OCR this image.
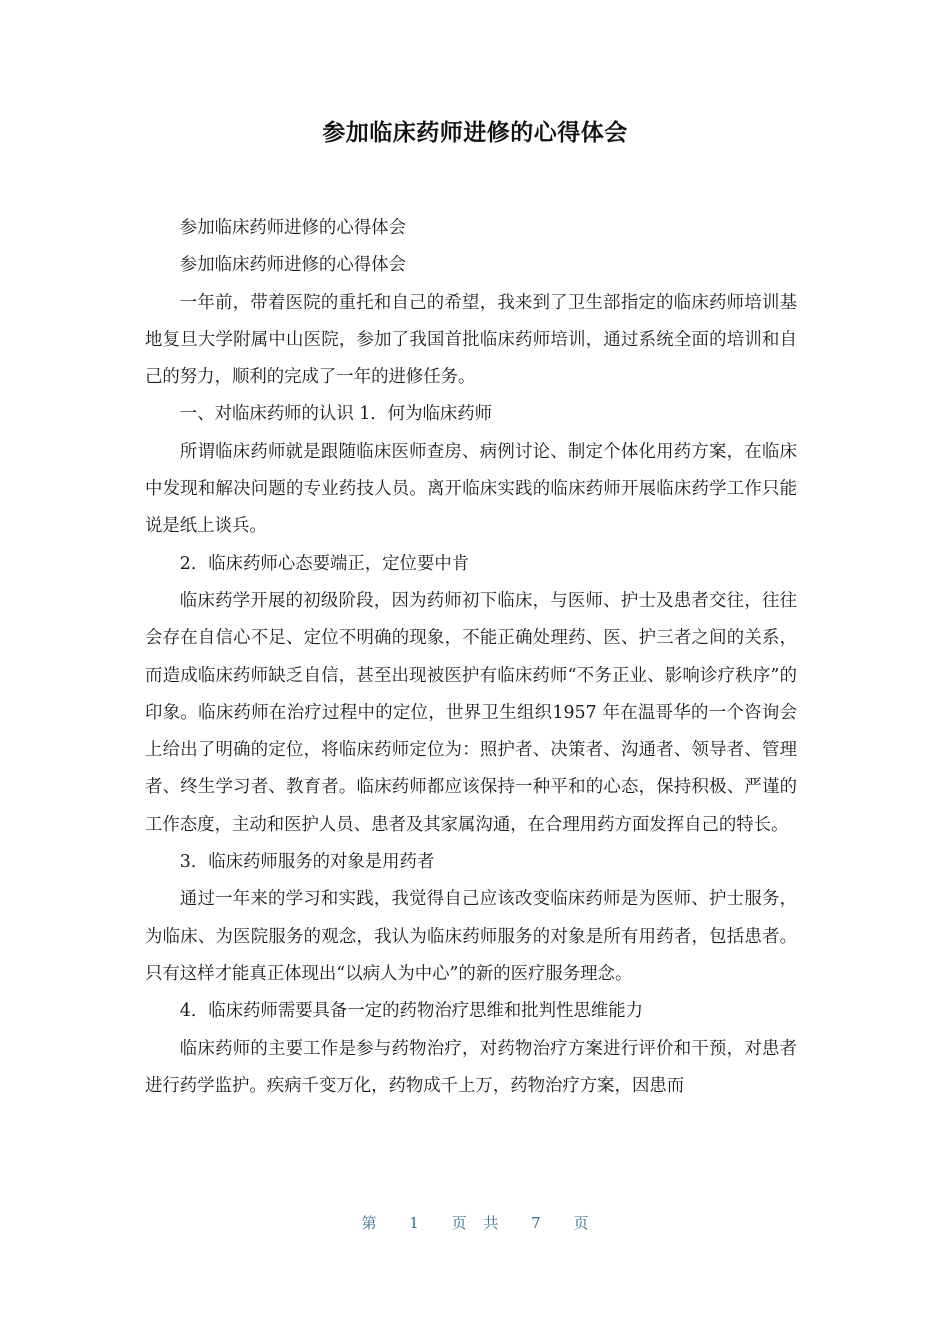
参加临床药师进修的心得体会

参加临床药师进修的心得体会

参加临床药师进修的心得体会

一年前，带着医院的重托和自己的希望，我来到了卫生部指定的临床药师培训基地复旦大学附属中山医院，参加了我国首批临床药师培训，通过系统全面的培训和自己的努力，顺利的完成了一年的进修任务。

一、对临床药师的认识 1．何为临床药师

所谓临床药师就是跟随临床医师查房、病例讨论、制定个体化用药方案，在临床中发现和解决问题的专业药技人员。离开临床实践的临床药师开展临床药学工作只能说是纸上谈兵。

2．临床药师心态要端正，定位要中肯

临床药学开展的初级阶段，因为药师初下临床，与医师、护士及患者交往，往往会存在自信心不足、定位不明确的现象，不能正确处理药、医、护三者之间的关系，而造成临床药师缺乏自信，甚至出现被医护有临床药师“不务正业、影响诊疗秩序”的印象。临床药师在治疗过程中的定位，世界卫生组织1957 年在温哥华的一个咨询会上给出了明确的定位，将临床药师定位为：照护者、决策者、沟通者、领导者、管理者、终生学习者、教育者。临床药师都应该保持一种平和的心态，保持积极、严谨的工作态度，主动和医护人员、患者及其家属沟通，在合理用药方面发挥自己的特长。

3．临床药师服务的对象是用药者

通过一年来的学习和实践，我觉得自己应该改变临床药师是为医师、护士服务，为临床、为医院服务的观念，我认为临床药师服务的对象是所有用药者，包括患者。只有这样才能真正体现出“以病人为中心”的新的医疗服务理念。

4．临床药师需要具备一定的药物治疗思维和批判性思维能力

临床药师的主要工作是参与药物治疗，对药物治疗方案进行评价和干预，对患者进行药学监护。疾病千变万化，药物成千上万，药物治疗方案，因患而

第 1 页 共 7 页
